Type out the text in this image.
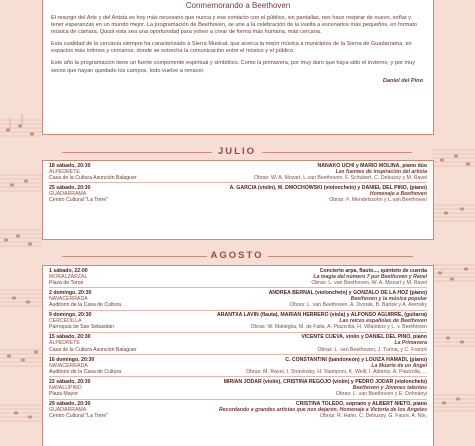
Conmemorando a Beethoven

El resurgir del Arte y del Artista es hoy más necesario que nunca y ese contacto con el público, sin pantallas, nos hace respirar de nuevo, soñar y tener esperanzas en un mundo mejor. La programación de Beethoven, se une a la celebración de la vuelta a escenarios más pequeños, en formato música de cámara. Quizá esta sea una oportunidad para volver a crear de forma más humana, más cercana.

Esta cualidad de la cercanía siempre ha caracterizado a Sierra Musical, que acerca la mejor música a municipios de la Sierra de Guadarrama, en espacios más íntimos y cercanos, donde se estrecha la comunicación entre el músico y el público.

Este año la programación tiene un fuerte componente espiritual y simbólico. Como la primavera, por muy duro que haya sido el invierno, y por muy secos que hayan quedado los campos, todo vuelve a renacer.

Daniel del Pino

JULIO
18 sábado, 20:30	NANAKO UCHI y MARIO MOLINA, piano dúo
ALPEDRETE	Las fuentes de inspiración del artista
Casa de la Cultura Asunción Balaguer	Obras: W. A. Mozart, L.van Beethoven, F. Schubert, C. Debussy y M. Ravel
25 sábado, 20:30	A. GARCÍA (violín), M. DMOCHOWSKI (violonchelo) y DANIEL DEL PINO, (piano)
GUADARRAMA	Homenaje a Beethoven
Centro Cultural "La Torre"	Obras: F. Mendelssohn y L.van Beethoven
AGOSTO
1 sábado, 22:00	Concierto arpa, flauto..., quinteto de cuerda
MORALZARZAL	La magia del número 7 por Beethoven y Ravel
Plaza de Toros	Obras: L. van Beethoven, W. A. Mozart y M. Ravel
2 domingo, 20:30	ANDREA BERNAL (violonchelo) y GONZALO DE LA HOZ (piano)
NAVACERRADA	Beethoven y la música popular
Auditorio de la Casa de Cultura	Obras: L. van Beethoven, A. Dvorak, B. Bartok y A. Arensky
9 domingo, 20:30	ARANTXA LAVÍN (flauta), MARIAN HERRERO (viola) y ALFONSO AGUIRRE, (guitarra)
CERCEDILLA	Las raíces españolas de Beethoven
Parroquia de San Sebastián	Obras: W. Matiegka, M. de Falla, A. Piazzolla, H. Villalobos y L. v. Beethoven
15 sábado, 20:30	VICENTE CUEVA, violín y DANIEL DEL PINO, piano
ALPEDRETE	La Primavera
Casa de la Cultura Asunción Balaguer	Obras: L. van Beethoven, J. Turina, y C. Franck
16 domingo, 20:30	C. CONSTANTINI (bandoneón) y LOUIZA HAMADI, (piano)
NAVACERRADA	La Muerte de un Ángel
Auditorio de la Casa de Cultura	Obras: M. Ravel, I. Stravinsky, H. Stamponi, K. Weill, I. Albeniz, A. Piazzolla, ...
22 sábado, 20:30	MIRIAN JÓDAR (violín), CRISTINA REGOJO (violín) y PEDRO JÓDAR (violonchelo)
NAVALUPINO	Beethoven y Jóvenes talentos
Plaza Mayor	Obras: L. van Beethoven y E. Dohnányi
29 sábado, 20:30	CRISTINA TOLEDO, soprano y ALBERT NIETO, piano
GUADARRAMA	Recordando a grandes artistas que nos dejaron, Homenaje a Victoria de los Ángeles
Centro Cultural "La Torre"	Obras: R. Hahn, C. Debussy, G. Fauré, A. Nin,
